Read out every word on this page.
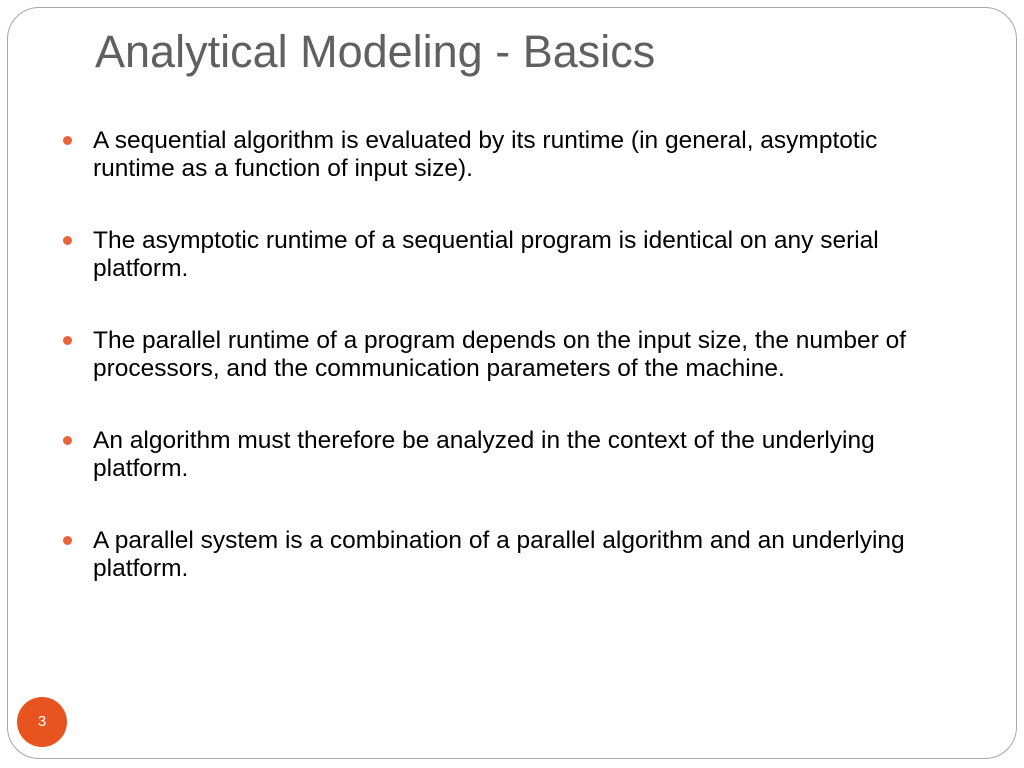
Analytical Modeling - Basics
A sequential algorithm is evaluated by its runtime (in general, asymptotic runtime as a function of input size).
The asymptotic runtime of a sequential program is identical on any serial platform.
The parallel runtime of a program depends on the input size, the number of processors, and the communication parameters of the machine.
An algorithm must therefore be analyzed in the context of the underlying platform.
A parallel system is a combination of a parallel algorithm and an underlying platform.
3
